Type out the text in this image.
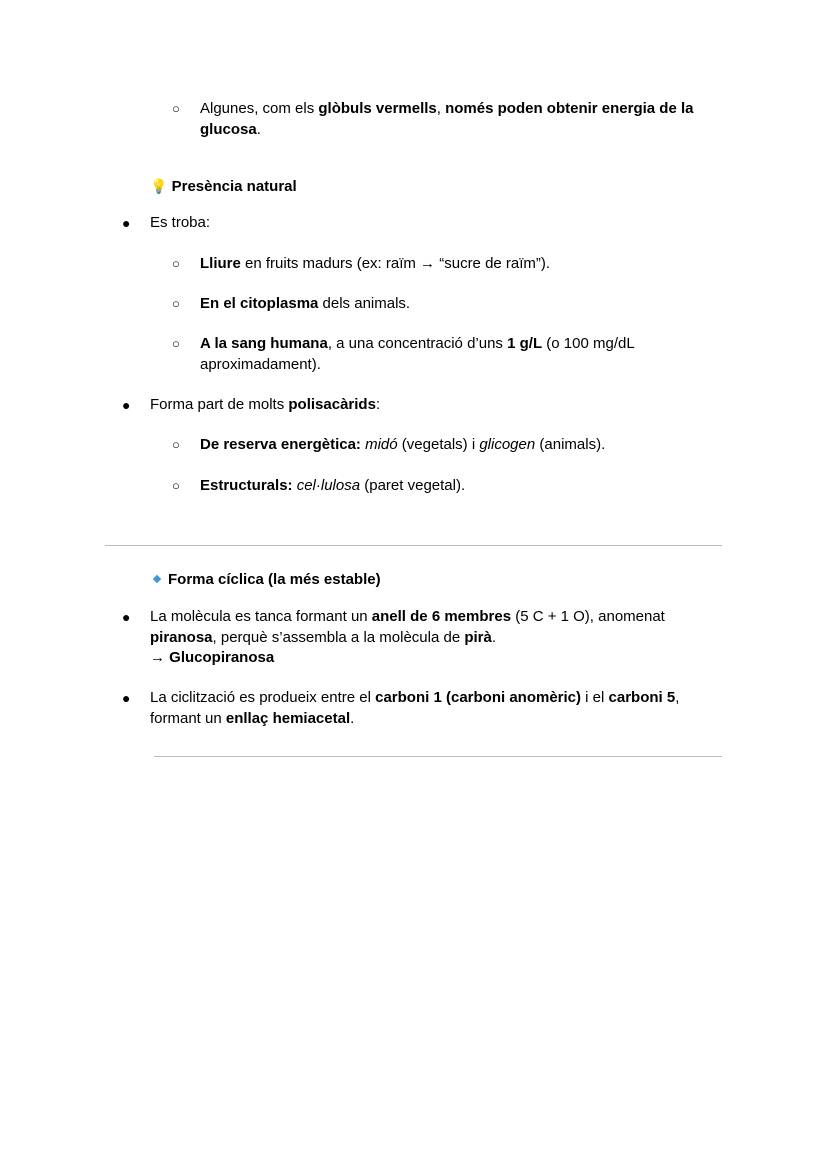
○ Algunes, com els glòbuls vermells, només poden obtenir energia de la
glucosa.
💡 Presència natural
● Es troba:
○ Lliure en fruits madurs (ex: raïm → “sucre de raïm”).
○ En el citoplasma dels animals.
○ A la sang humana, a una concentració d’uns 1 g/L (o 100 mg/dL
aproximadament).
● Forma part de molts polisacàrids:
○ De reserva energètica: midó (vegetals) i glicogen (animals).
○ Estructurals: cel·lulosa (paret vegetal).
Forma cíclica (la més estable)
● La molècula es tanca formant un anell de 6 membres (5 C + 1 O), anomenat
piranosa, perquè s’assembla a la molècula de pirà.
→ Glucopiranosa
● La ciclització es produeix entre el carboni 1 (carboni anomèric) i el carboni 5,
formant un enllaç hemiacetal.
